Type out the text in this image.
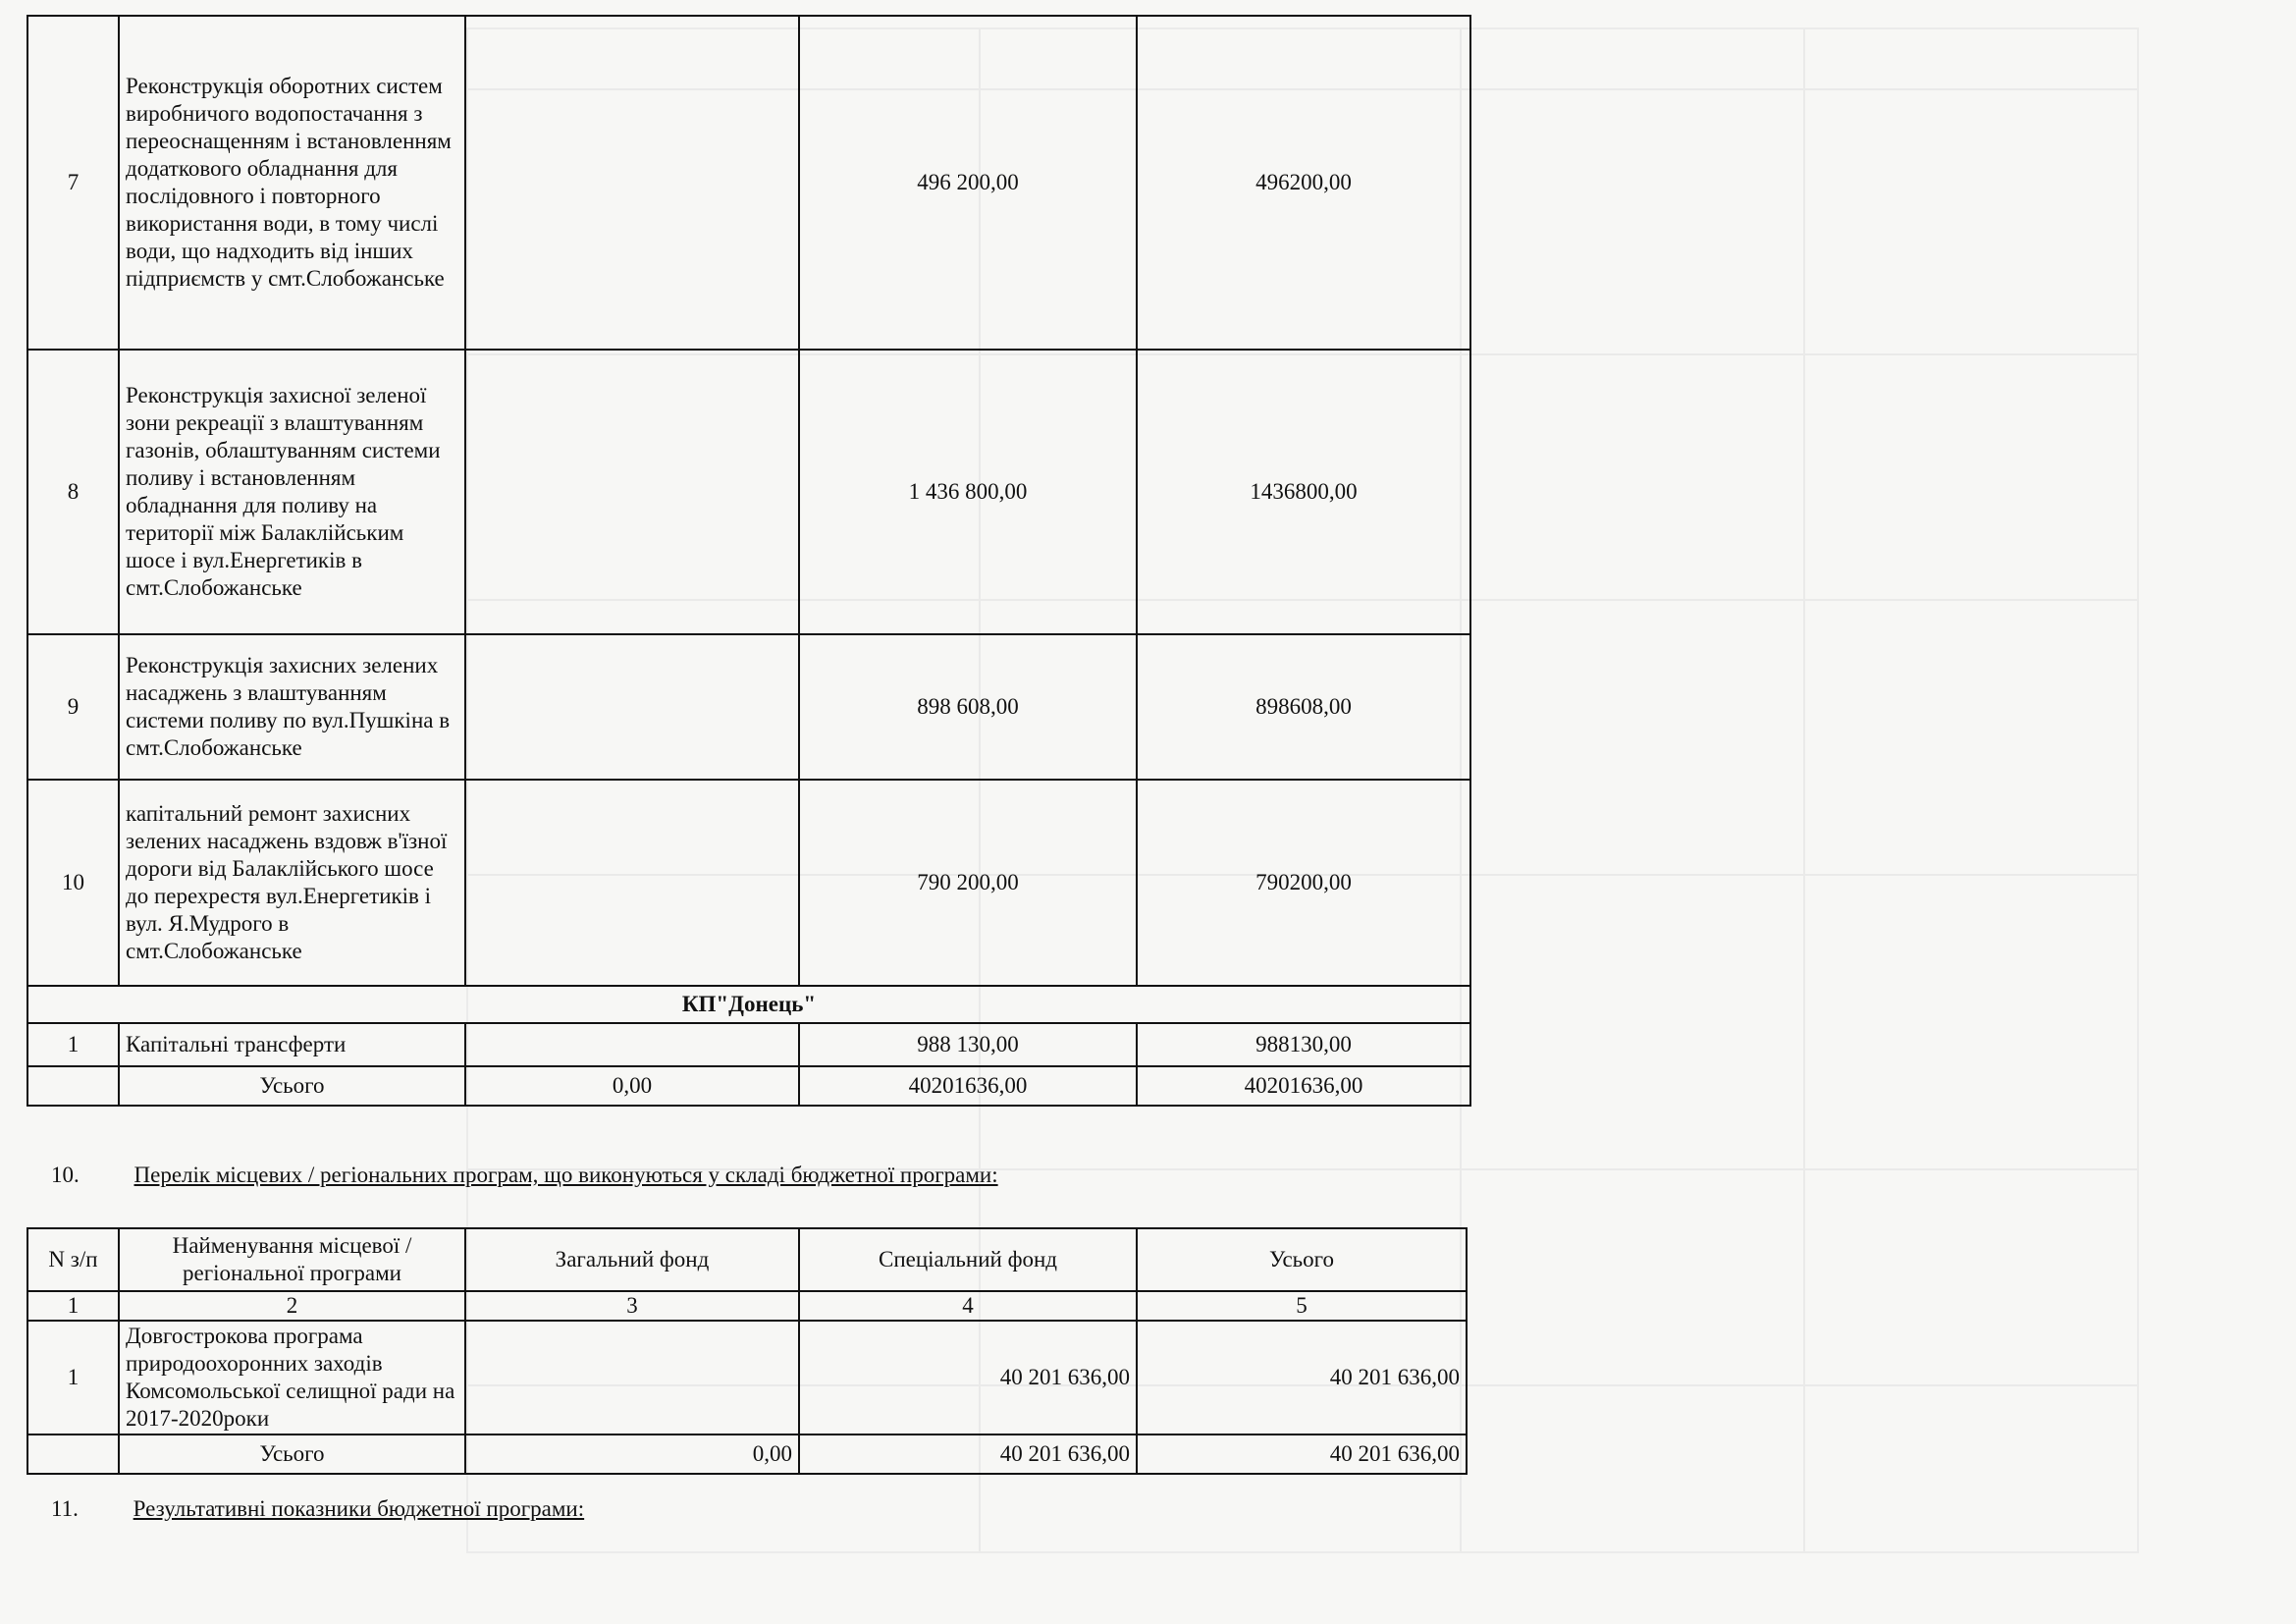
7	Реконструкція оборотних систем виробничого водопостачання з переоснащенням і встановленням додаткового обладнання для послідовного і повторного використання води, в тому числі води, що надходить від інших підприємств у смт.Слобожанське		496 200,00	496200,00
8	Реконструкція захисної зеленої зони рекреації з влаштуванням газонів, облаштуванням системи поливу і встановленням обладнання для поливу на території між Балаклійським шосе і вул.Енергетиків в смт.Слобожанське		1 436 800,00	1436800,00
9	Реконструкція захисних зелених насаджень з влаштуванням системи поливу по вул.Пушкіна в смт.Слобожанське		898 608,00	898608,00
10	капітальний ремонт захисних зелених насаджень вздовж в'їзної дороги від Балаклійського шосе до перехрестя вул.Енергетиків і вул. Я.Мудрого в смт.Слобожанське		790 200,00	790200,00
КП"Донець"				
1	Капітальні трансферти		988 130,00	988130,00
	Усього	0,00	40201636,00	40201636,00
10. Перелік місцевих / регіональних програм, що виконуються у складі бюджетної програми:
N з/п	Найменування місцевої / регіональної програми	Загальний фонд	Спеціальний фонд	Усього
1	2	3	4	5
1	Довгострокова програма природоохоронних заходів Комсомольської селищної ради на 2017-2020роки		40 201 636,00	40 201 636,00
	Усього	0,00	40 201 636,00	40 201 636,00
11. Результативні показники бюджетної програми:
